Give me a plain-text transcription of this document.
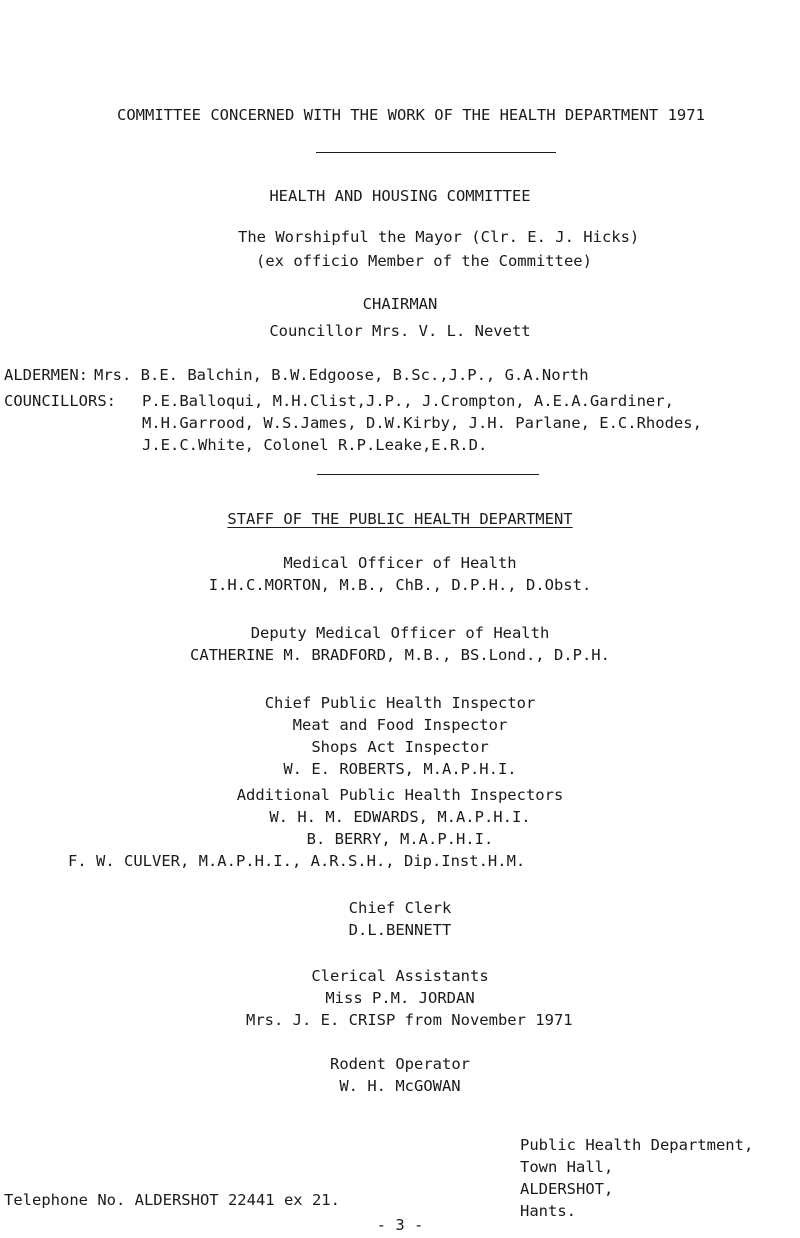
COMMITTEE CONCERNED WITH THE WORK OF THE HEALTH DEPARTMENT 1971
HEALTH AND HOUSING COMMITTEE
The Worshipful the Mayor (Clr. E. J. Hicks)
(ex officio Member of the Committee)
CHAIRMAN
Councillor Mrs. V. L. Nevett
ALDERMEN: Mrs. B.E. Balchin, B.W.Edgoose, B.Sc.,J.P., G.A.North
COUNCILLORS: P.E.Balloqui, M.H.Clist,J.P., J.Crompton, A.E.A.Gardiner,
M.H.Garrood, W.S.James, D.W.Kirby, J.H. Parlane, E.C.Rhodes,
J.E.C.White, Colonel R.P.Leake,E.R.D.
STAFF OF THE PUBLIC HEALTH DEPARTMENT
Medical Officer of Health
I.H.C.MORTON, M.B., ChB., D.P.H., D.Obst.
Deputy Medical Officer of Health
CATHERINE M. BRADFORD, M.B., BS.Lond., D.P.H.
Chief Public Health Inspector
Meat and Food Inspector
Shops Act Inspector
W. E. ROBERTS, M.A.P.H.I.
Additional Public Health Inspectors
W. H. M. EDWARDS, M.A.P.H.I.
B. BERRY, M.A.P.H.I.
F. W. CULVER, M.A.P.H.I., A.R.S.H., Dip.Inst.H.M.
Chief Clerk
D.L.BENNETT
Clerical Assistants
Miss P.M. JORDAN
Mrs. J. E. CRISP from November 1971
Rodent Operator
W. H. McGOWAN
Public Health Department,
Town Hall,
ALDERSHOT,
Hants.
Telephone No. ALDERSHOT 22441 ex 21.
- 3 -
